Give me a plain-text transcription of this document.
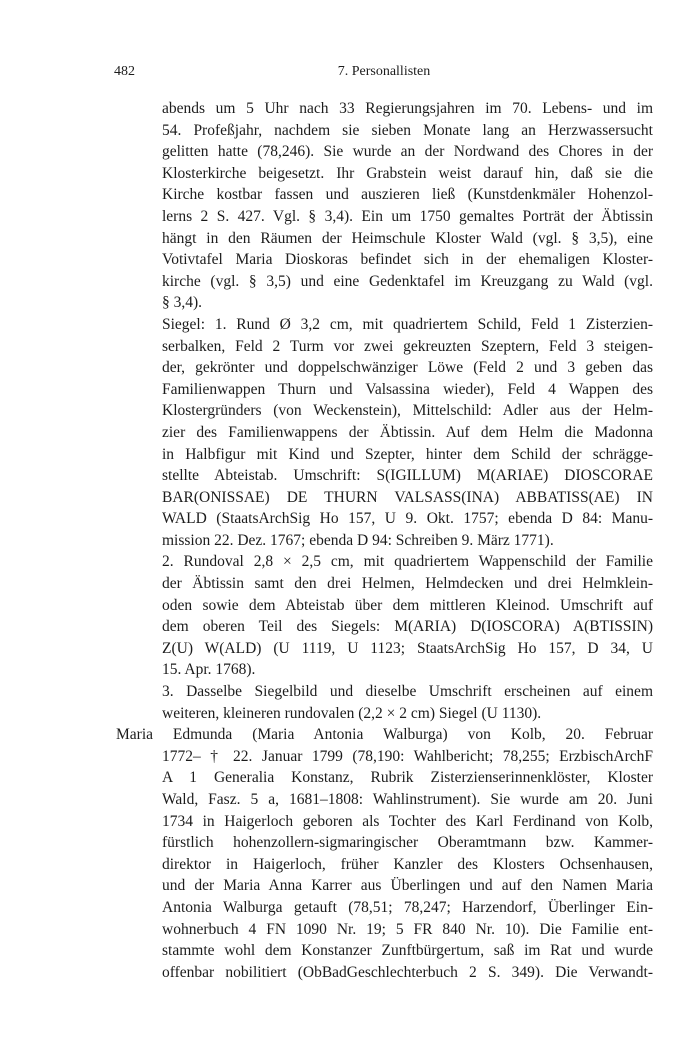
482	7. Personallisten
abends um 5 Uhr nach 33 Regierungsjahren im 70. Lebens- und im
54. Profeßjahr, nachdem sie sieben Monate lang an Herzwassersucht
gelitten hatte (78,246). Sie wurde an der Nordwand des Chores in der
Klosterkirche beigesetzt. Ihr Grabstein weist darauf hin, daß sie die
Kirche kostbar fassen und auszieren ließ (Kunstdenkmäler Hohenzol-
lerns 2 S. 427. Vgl. § 3,4). Ein um 1750 gemaltes Porträt der Äbtissin
hängt in den Räumen der Heimschule Kloster Wald (vgl. § 3,5), eine
Votivtafel Maria Dioskoras befindet sich in der ehemaligen Kloster-
kirche (vgl. § 3,5) und eine Gedenktafel im Kreuzgang zu Wald (vgl.
§ 3,4).
Siegel: 1. Rund Ø 3,2 cm, mit quadriertem Schild, Feld 1 Zisterzien-
serbalken, Feld 2 Turm vor zwei gekreuzten Szeptern, Feld 3 steigen-
der, gekrönter und doppelschwänziger Löwe (Feld 2 und 3 geben das
Familienwappen Thurn und Valsassina wieder), Feld 4 Wappen des
Klostergründers (von Weckenstein), Mittelschild: Adler aus der Helm-
zier des Familienwappens der Äbtissin. Auf dem Helm die Madonna
in Halbfigur mit Kind und Szepter, hinter dem Schild der schrägge-
stellte Abteistab. Umschrift: S(IGILLUM) M(ARIAE) DIOSCORAE
BAR(ONISSAE) DE THURN VALSASS(INA) ABBATISS(AE) IN
WALD (StaatsArchSig Ho 157, U 9. Okt. 1757; ebenda D 84: Manu-
mission 22. Dez. 1767; ebenda D 94: Schreiben 9. März 1771).
2. Rundoval 2,8 × 2,5 cm, mit quadriertem Wappenschild der Familie
der Äbtissin samt den drei Helmen, Helmdecken und drei Helmklein-
oden sowie dem Abteistab über dem mittleren Kleinod. Umschrift auf
dem oberen Teil des Siegels: M(ARIA) D(IOSCORA) A(BTISSIN)
Z(U) W(ALD) (U 1119, U 1123; StaatsArchSig Ho 157, D 34, U
15. Apr. 1768).
3. Dasselbe Siegelbild und dieselbe Umschrift erscheinen auf einem
weiteren, kleineren rundovalen (2,2 × 2 cm) Siegel (U 1130).
Maria Edmunda (Maria Antonia Walburga) von Kolb, 20. Februar
1772– † 22. Januar 1799 (78,190: Wahlbericht; 78,255; ErzbischArchF
A 1 Generalia Konstanz, Rubrik Zisterzienserinnenklöster, Kloster
Wald, Fasz. 5 a, 1681–1808: Wahlinstrument). Sie wurde am 20. Juni
1734 in Haigerloch geboren als Tochter des Karl Ferdinand von Kolb,
fürstlich hohenzollern-sigmaringischer Oberamtmann bzw. Kammer-
direktor in Haigerloch, früher Kanzler des Klosters Ochsenhausen,
und der Maria Anna Karrer aus Überlingen und auf den Namen Maria
Antonia Walburga getauft (78,51; 78,247; Harzendorf, Überlinger Ein-
wohnerbuch 4 FN 1090 Nr. 19; 5 FR 840 Nr. 10). Die Familie ent-
stammte wohl dem Konstanzer Zunftbürgertum, saß im Rat und wurde
offenbar nobilitiert (ObBadGeschlechterbuch 2 S. 349). Die Verwandt-
